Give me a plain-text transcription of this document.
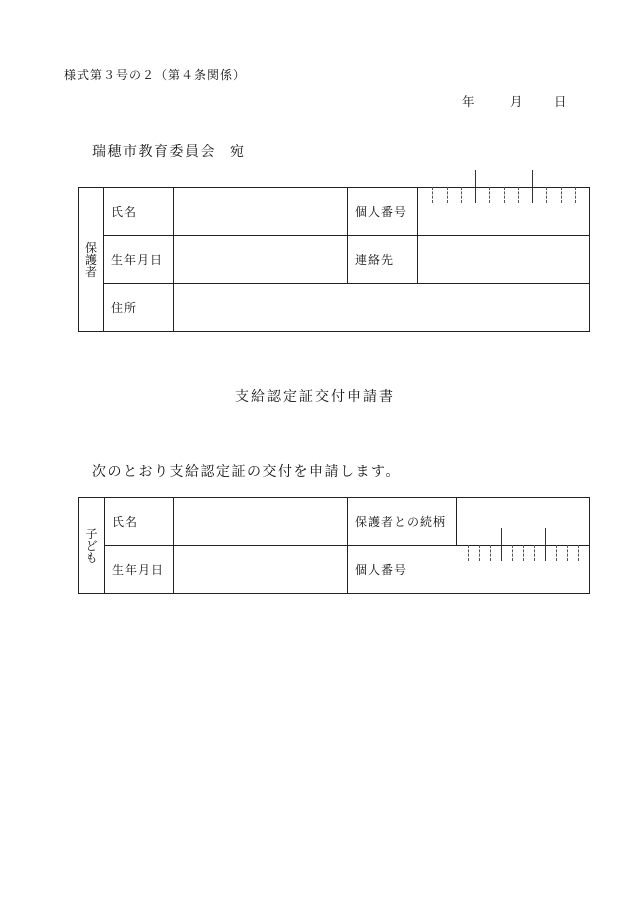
様式第３号の２（第４条関係）
年	月	日
瑞穂市教育委員会 宛
保護者	氏名		個人番号	

	生年月日		連絡先	
	住所			
支給認定証交付申請書
次のとおり支給認定証の交付を申請します。
子ども	氏名		保護者との続柄	
	生年月日		個人番号	
